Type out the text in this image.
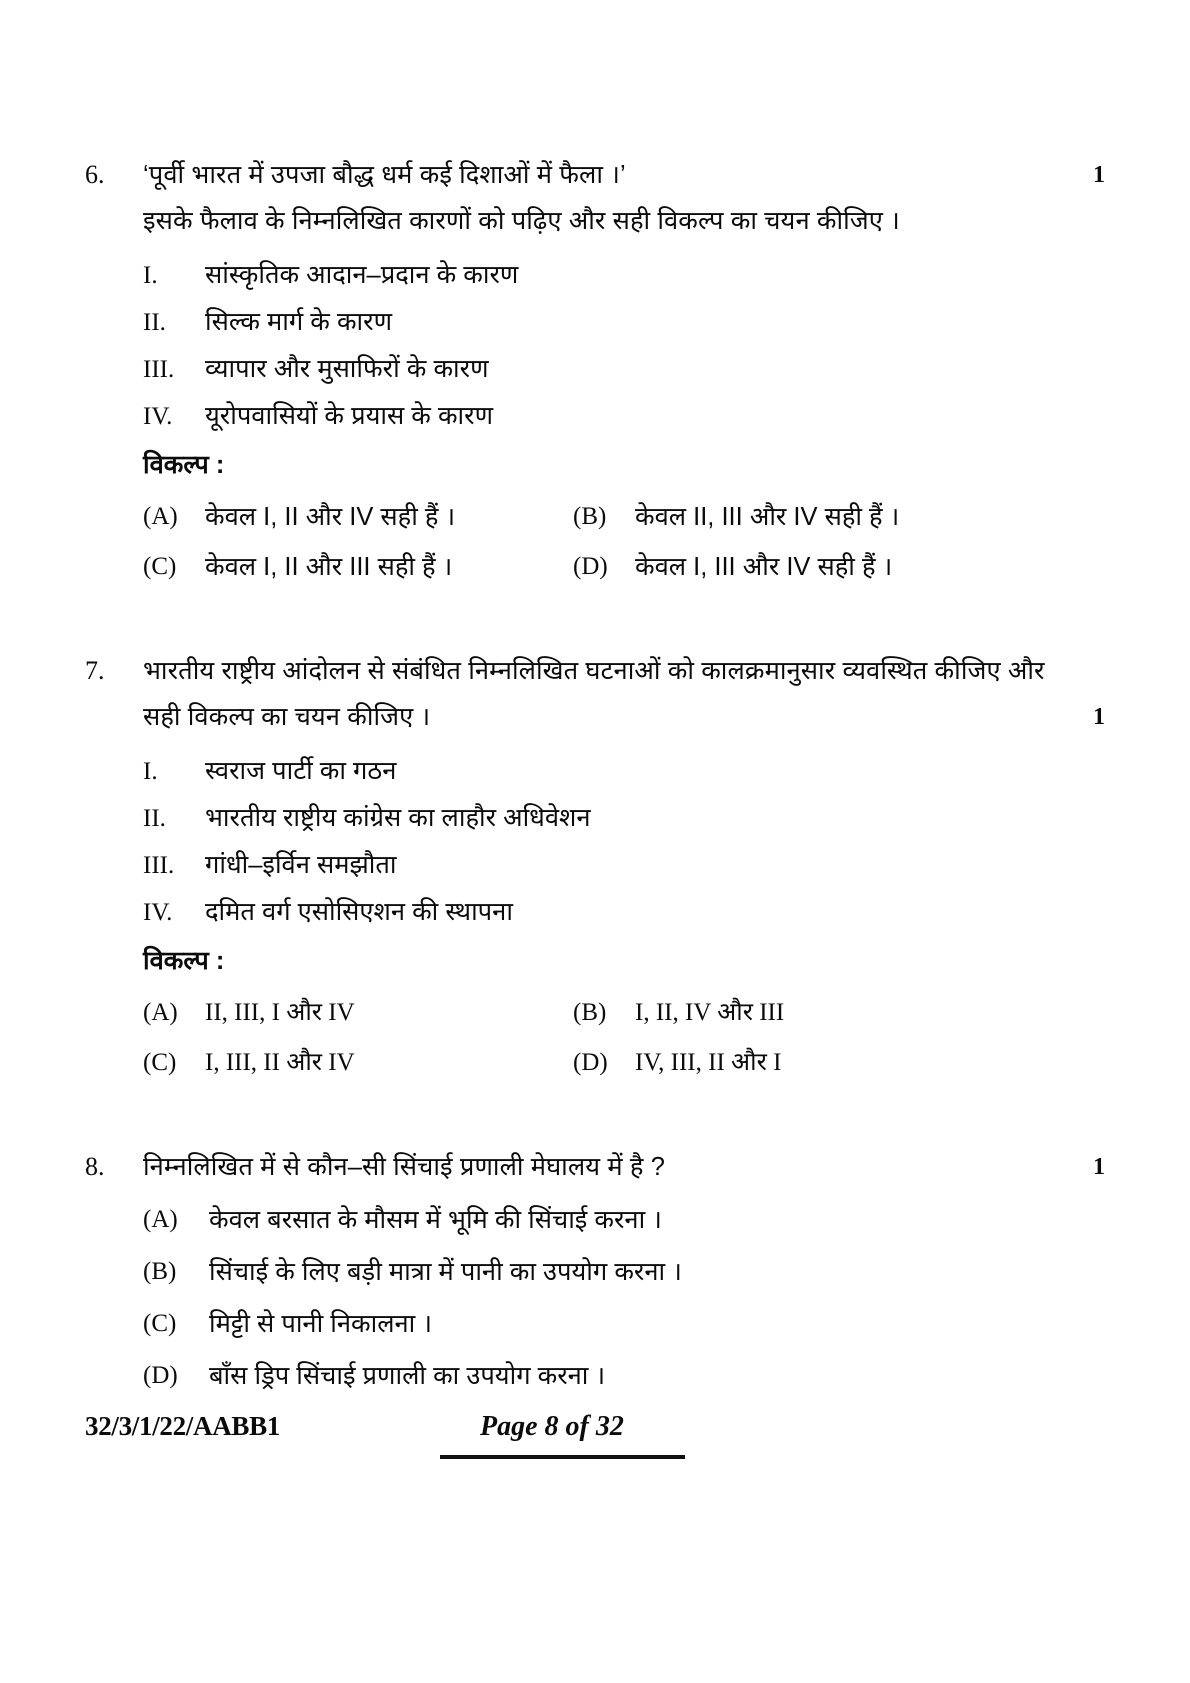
6.	‘पूर्वी भारत में उपजा बौद्ध धर्म कई दिशाओं में फैला ।’
इसके फैलाव के निम्नलिखित कारणों को पढ़िए और सही विकल्प का चयन कीजिए ।
1
I.	सांस्कृतिक आदान–प्रदान के कारण
II.	सिल्क मार्ग के कारण
III.	व्यापार और मुसाफिरों के कारण
IV.	यूरोपवासियों के प्रयास के कारण
विकल्प :
(A)	केवल I, II और IV सही हैं ।	(B)	केवल II, III और IV सही हैं ।
(C)	केवल I, II और III सही हैं ।	(D)	केवल I, III और IV सही हैं ।
7.	भारतीय राष्ट्रीय आंदोलन से संबंधित निम्नलिखित घटनाओं को कालक्रमानुसार व्यवस्थित कीजिए और
सही विकल्प का चयन कीजिए ।	1
I.	स्वराज पार्टी का गठन
II.	भारतीय राष्ट्रीय कांग्रेस का लाहौर अधिवेशन
III.	गांधी–इर्विन समझौता
IV.	दमित वर्ग एसोसिएशन की स्थापना
विकल्प :
(A)	II, III, I और IV	(B)	I, II, IV और III
(C)	I, III, II और IV	(D)	IV, III, II और I
8.	निम्नलिखित में से कौन–सी सिंचाई प्रणाली मेघालय में है ?	1
(A)	केवल बरसात के मौसम में भूमि की सिंचाई करना ।
(B)	सिंचाई के लिए बड़ी मात्रा में पानी का उपयोग करना ।
(C)	मिट्टी से पानी निकालना ।
(D)	बाँस ड्रिप सिंचाई प्रणाली का उपयोग करना ।
32/3/1/22/AABB1	Page 8 of 32
